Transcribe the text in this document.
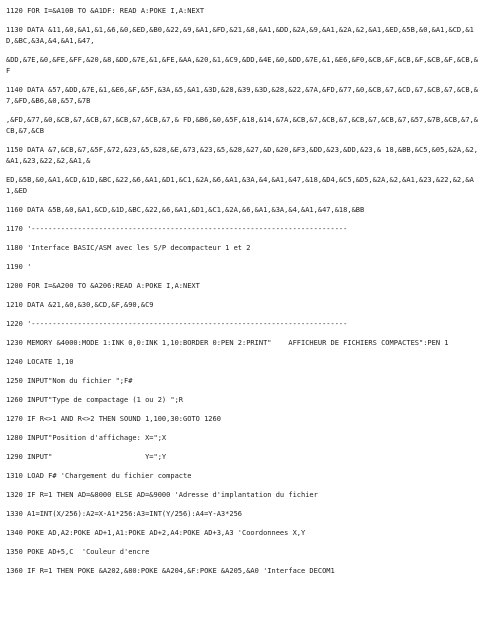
1120 FOR I=&A10B TO &A1DF: READ A:POKE I,A:NEXT
1130 DATA &11,&0,&A1,&1,&6,&0,&ED,&B0,&22,&9,&A1,&FD,&21,&8,&A1,&DD,&2A,&9,&A1,&2A,&2,&A1,&ED,&5B,&0,&A1,&CD,&1D,&BC,&3A,&4,&A1,&47,
&DD,&7E,&0,&FE,&FF,&20,&8,&DD,&7E,&1,&FE,&AA,&20,&1,&C9,&DD,&4E,&0,&DD,&7E,&1,&E6,&F0,&CB,&F,&CB,&F,&CB,&F,&CB,&F
1140 DATA &57,&DD,&7E,&1,&E6,&F,&5F,&3A,&5,&A1,&3D,&28,&39,&3D,&28,&22,&7A,&FD,&77,&0,&CB,&7,&CD,&7,&CB,&7,&CB,&7,&FD,&B6,&0,&57,&7B
,&FD,&77,&0,&CB,&7,&CB,&7,&CB,&7,&CB,&7,& FD,&B6,&0,&5F,&18,&14,&7A,&CB,&7,&CB,&7,&CB,&7,&CB,&7,&57,&7B,&CB,&7,&CB,&7,&CB
1150 DATA &7,&CB,&7,&5F,&72,&23,&5,&28,&E,&73,&23,&5,&28,&27,&D,&20,&F3,&DD,&23,&DD,&23,& 18,&BB,&C5,&05,&2A,&2,&A1,&23,&22,&2,&A1,&
ED,&5B,&0,&A1,&CD,&1D,&BC,&22,&6,&A1,&D1,&C1,&2A,&6,&A1,&3A,&4,&A1,&47,&18,&D4,&C5,&D5,&2A,&2,&A1,&23,&22,&2,&A1,&ED
1160 DATA &5B,&0,&A1,&CD,&1D,&BC,&22,&6,&A1,&D1,&C1,&2A,&6,&A1,&3A,&4,&A1,&47,&18,&BB
1170 '---------------------------------------------------------------------------
1180 'Interface BASIC/ASM avec les S/P decompacteur 1 et 2
1190 '
1200 FOR I=&A200 TO &A206:READ A:POKE I,A:NEXT
1210 DATA &21,&0,&30,&CD,&F,&90,&C9
1220 '---------------------------------------------------------------------------
1230 MEMORY &4000:MODE 1:INK 0,0:INK 1,10:BORDER 0:PEN 2:PRINT"    AFFICHEUR DE FICHIERS COMPACTES":PEN 1
1240 LOCATE 1,10
1250 INPUT"Nom du fichier ";F#
1260 INPUT"Type de compactage (1 ou 2) ";R
1270 IF R<>1 AND R<>2 THEN SOUND 1,100,30:GOTO 1260
1280 INPUT"Position d'affichage: X=";X
1290 INPUT"                      Y=";Y
1310 LOAD F# 'Chargement du fichier compacte
1320 IF R=1 THEN AD=&8000 ELSE AD=&9000 'Adresse d'implantation du fichier
1330 A1=INT(X/256):A2=X-A1*256:A3=INT(Y/256):A4=Y-A3*256
1340 POKE AD,A2:POKE AD+1,A1:POKE AD+2,A4:POKE AD+3,A3 'Coordonnees X,Y
1350 POKE AD+5,C  'Couleur d'encre
1360 IF R=1 THEN POKE &A202,&80:POKE &A204,&F:POKE &A205,&A0 'Interface DECOM1
